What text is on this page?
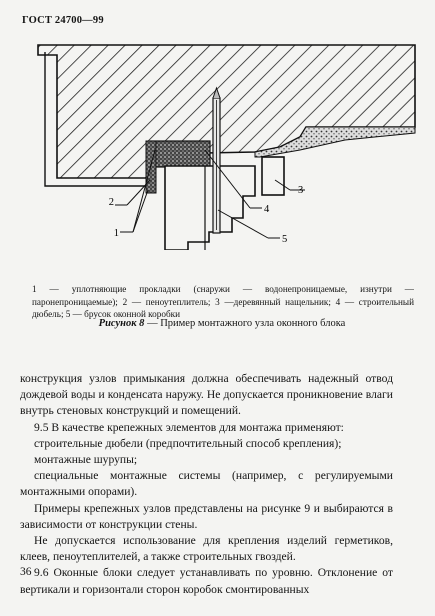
ГОСТ 24700—99
2
1
3
4
5
1 — уплотняющие прокладки (снаружи — водонепроницаемые, изнутри — паронепроницаемые); 2 — пеноутеплитель; 3 —деревянный нащельник; 4 — строительный дюбель; 5 — брусок оконной коробки
Рисунок 8 — Пример монтажного узла оконного блока

конструкция узлов примыкания должна обеспечивать надежный отвод дождевой воды и конденсата наружу. Не допускается проникновение влаги внутрь стеновых конструкций и помещений.

9.5 В качестве крепежных элементов для монтажа применяют:

строительные дюбели (предпочтительный способ крепления);

монтажные шурупы;

специальные монтажные системы (например, с регулируемыми монтажными опорами).

Примеры крепежных узлов представлены на рисунке 9 и выбираются в зависимости от конструкции стены.

Не допускается использование для крепления изделий герметиков, клеев, пеноутеплителей, а также строительных гвоздей.

9.6 Оконные блоки следует устанавливать по уровню. Отклонение от вертикали и горизонтали сторон коробок смонтированных

36
